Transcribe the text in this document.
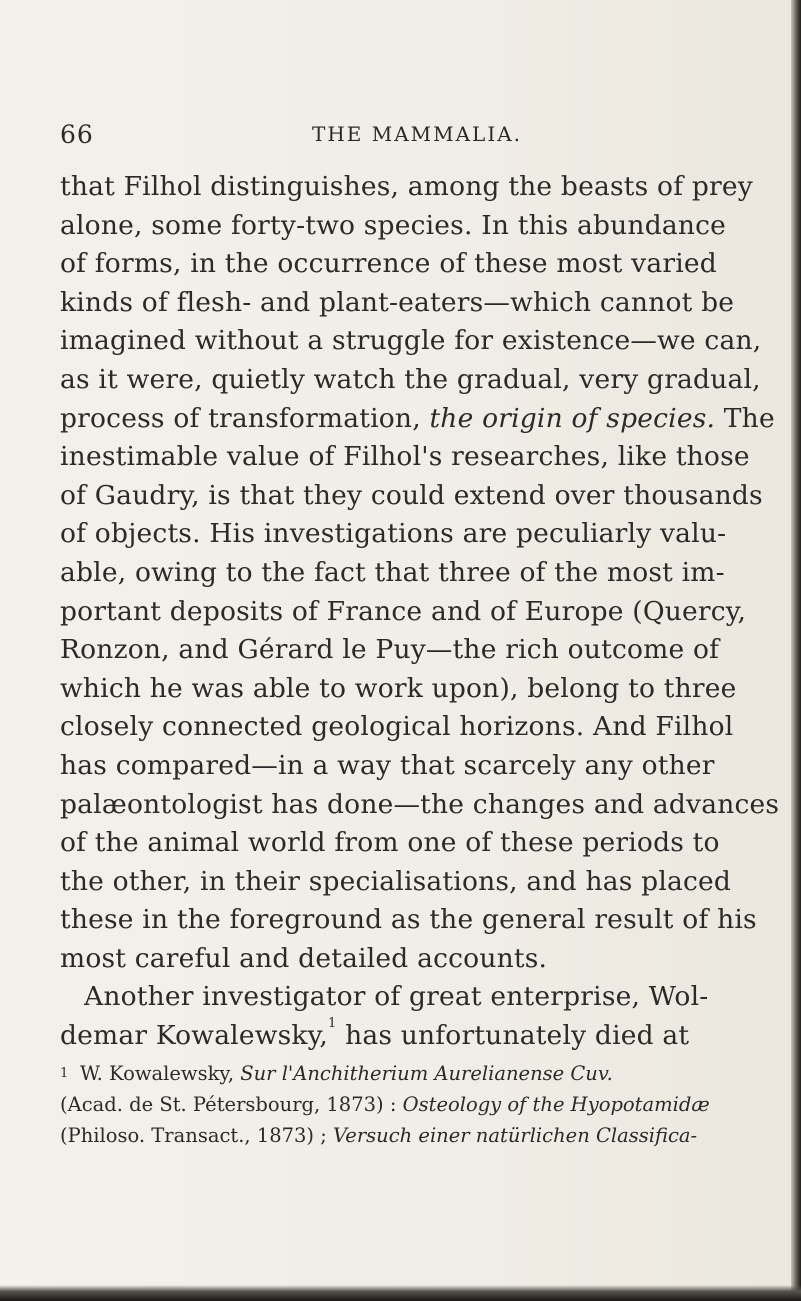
66	THE MAMMALIA.
that Filhol distinguishes, among the beasts of prey
alone, some forty-two species. In this abundance
of forms, in the occurrence of these most varied
kinds of flesh- and plant-eaters—which cannot be
imagined without a struggle for existence—we can,
as it were, quietly watch the gradual, very gradual,
process of transformation, the origin of species. The
inestimable value of Filhol's researches, like those
of Gaudry, is that they could extend over thousands
of objects. His investigations are peculiarly valu-
able, owing to the fact that three of the most im-
portant deposits of France and of Europe (Quercy,
Ronzon, and Gérard le Puy—the rich outcome of
which he was able to work upon), belong to three
closely connected geological horizons. And Filhol
has compared—in a way that scarcely any other
palæontologist has done—the changes and advances
of the animal world from one of these periods to
the other, in their specialisations, and has placed
these in the foreground as the general result of his
most careful and detailed accounts.
Another investigator of great enterprise, Wol-
demar Kowalewsky,$^1$ has unfortunately died at
1 W. Kowalewsky, Sur l'Anchitherium Aurelianense Cuv.
(Acad. de St. Pétersbourg, 1873) : Osteology of the Hyopotamidæ
(Philoso. Transact., 1873) ; Versuch einer natürlichen Classifica-
